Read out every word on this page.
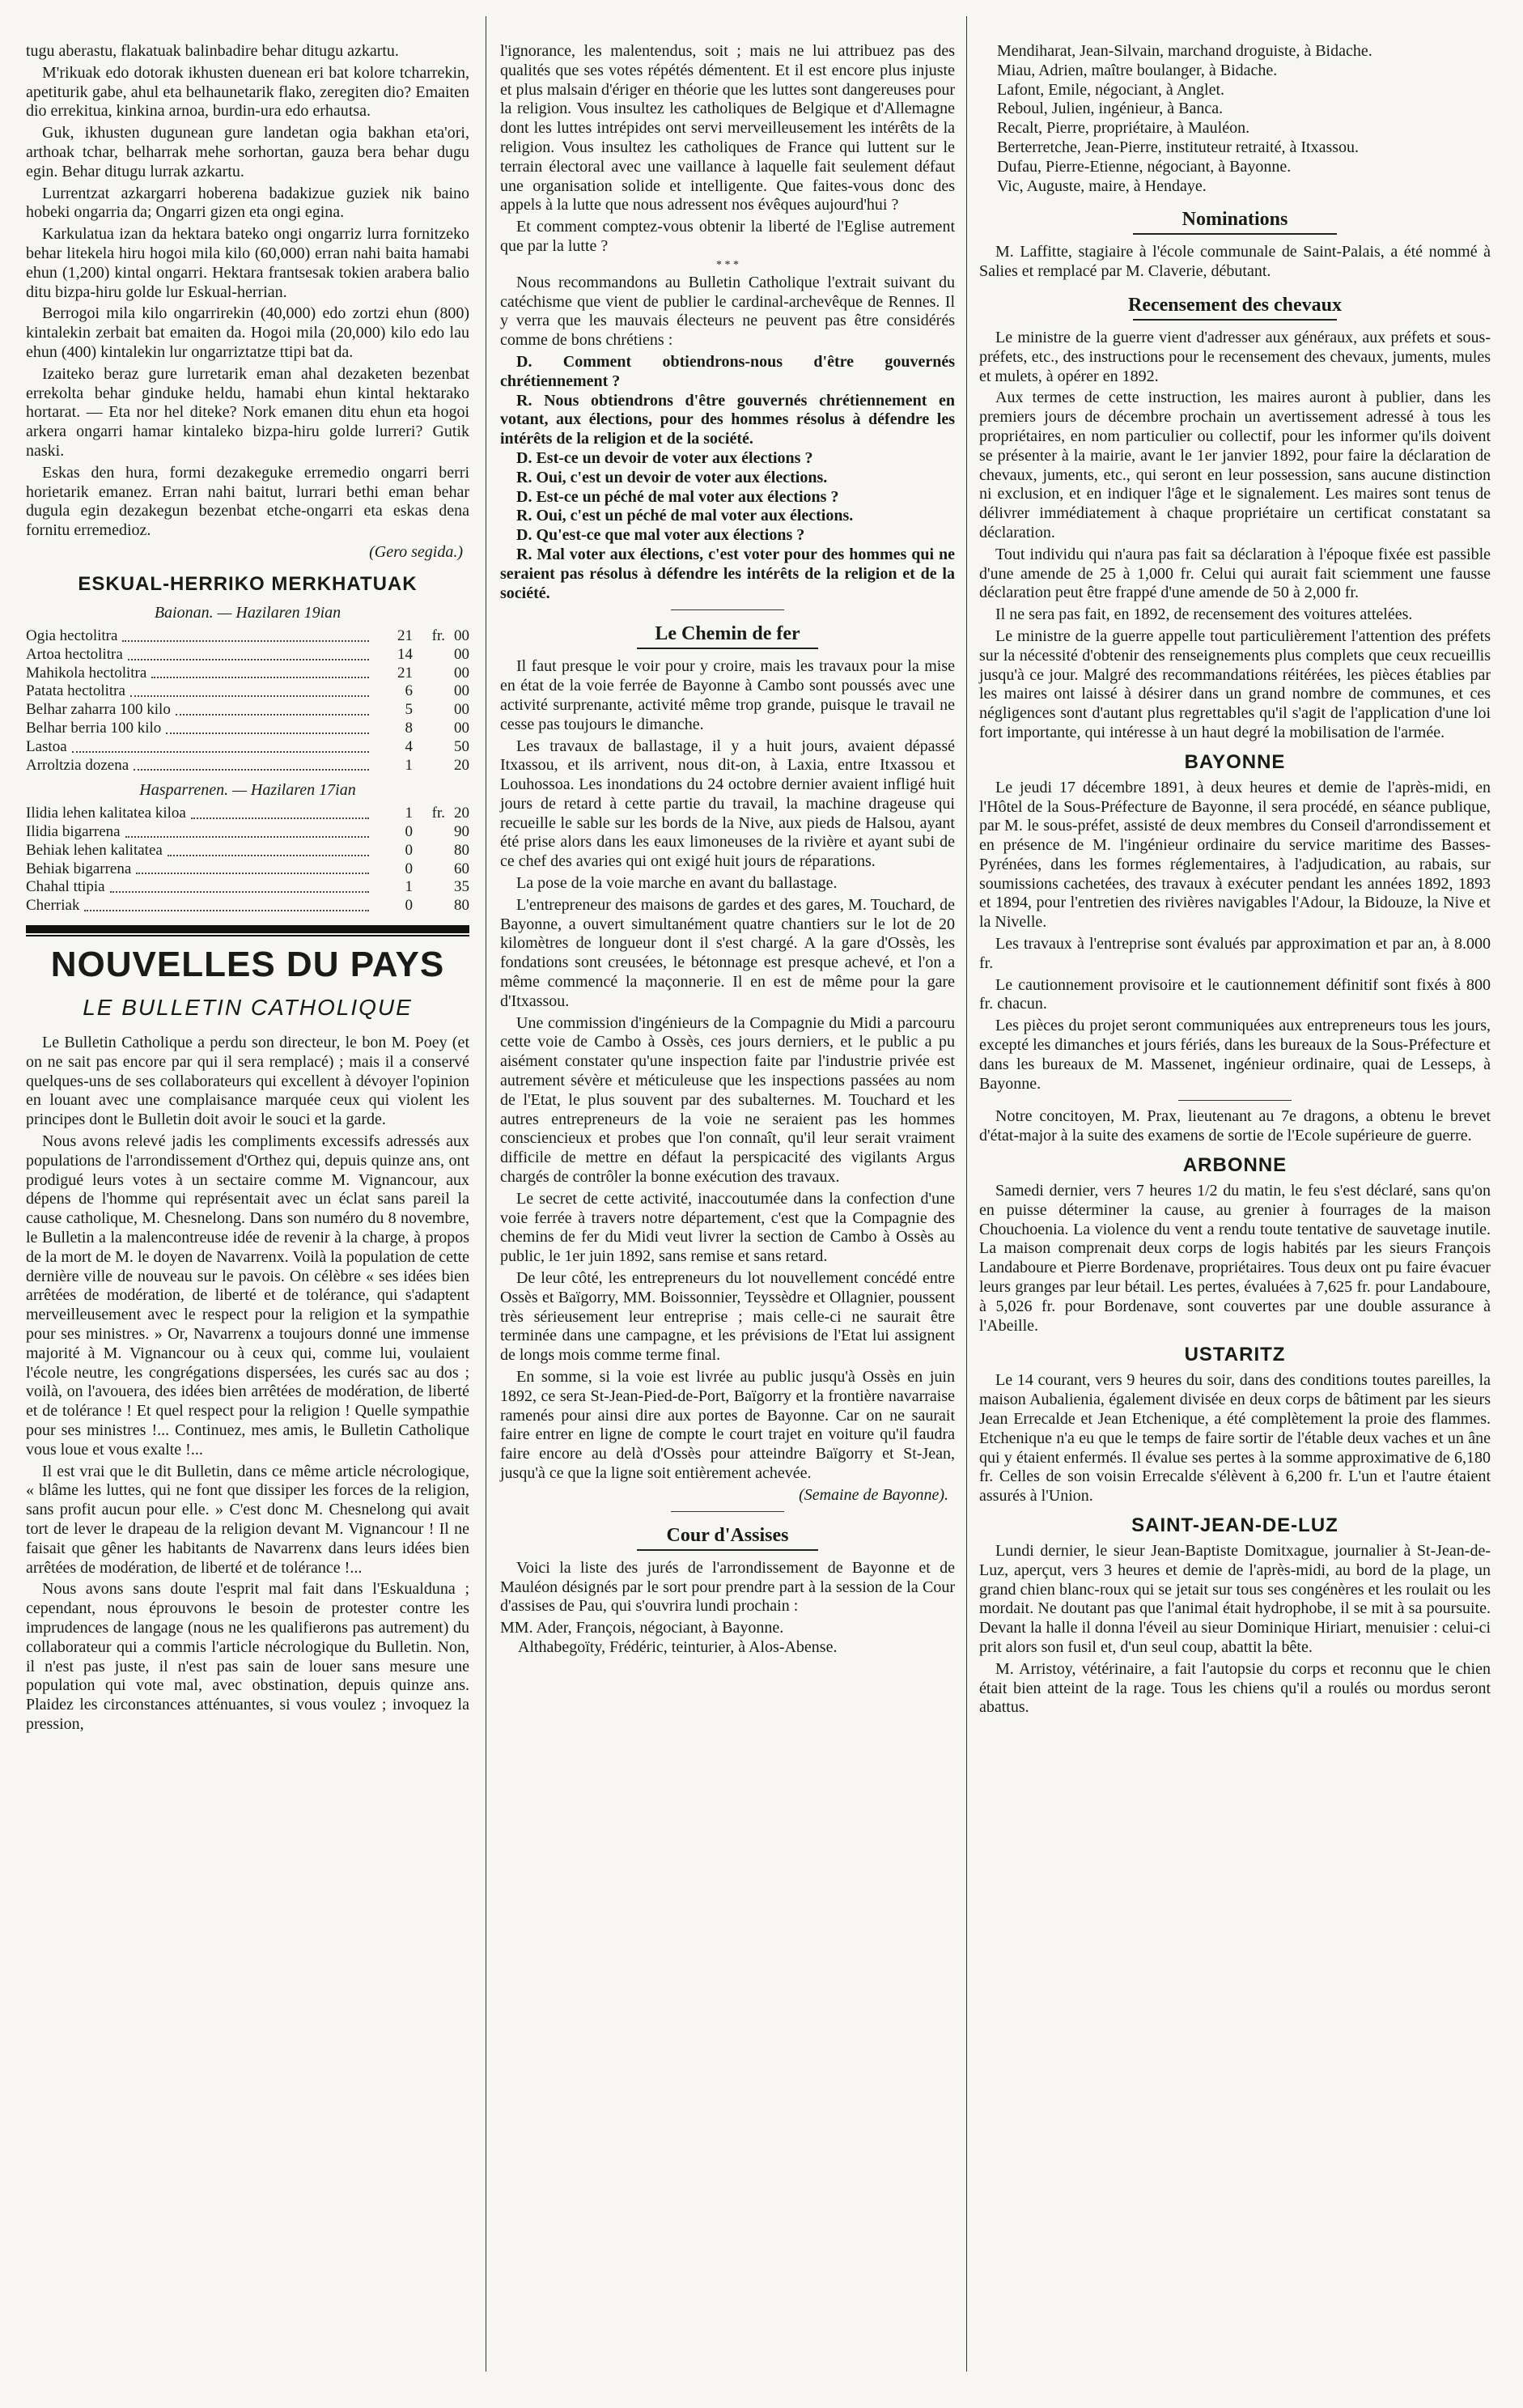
tugu aberastu, flakatuak balinbadire behar ditugu azkartu.

M'rikuak edo dotorak ikhusten duenean eri bat kolore tcharrekin, apetiturik gabe, ahul eta belhaunetarik flako, zeregiten dio? Emaiten dio errekitua, kinkina arnoa, burdin-ura edo erhautsa.

Guk, ikhusten dugunean gure landetan ogia bakhan eta'ori, arthoak tchar, belharrak mehe sorhortan, gauza bera behar dugu egin. Behar ditugu lurrak azkartu.

Lurrentzat azkargarri hoberena badakizue guziek nik baino hobeki ongarria da; Ongarri gizen eta ongi egina.

Karkulatua izan da hektara bateko ongi ongarriz lurra fornitzeko behar litekela hiru hogoi mila kilo (60,000) erran nahi baita hamabi ehun (1,200) kintal ongarri. Hektara frantsesak tokien arabera balio ditu bizpa-hiru golde lur Eskual-herrian.

Berrogoi mila kilo ongarrirekin (40,000) edo zortzi ehun (800) kintalekin zerbait bat emaiten da. Hogoi mila (20,000) kilo edo lau ehun (400) kintalekin lur ongarriztatze ttipi bat da.

Izaiteko beraz gure lurretarik eman ahal dezaketen bezenbat errekolta behar ginduke heldu, hamabi ehun kintal hektarako hortarat. — Eta nor hel diteke? Nork emanen ditu ehun eta hogoi arkera ongarri hamar kintaleko bizpa-hiru golde lurreri? Gutik naski.

Eskas den hura, formi dezakeguke erremedio ongarri berri horietarik emanez. Erran nahi baitut, lurrari bethi eman behar dugula egin dezakegun bezenbat etche-ongarri eta eskas dena fornitu erremedioz.

(Gero segida.)
ESKUAL-HERRIKO MERKHATUAK
Baionan. — Hazilaren 19ian
Ogia hectolitra	21	fr. 00
Artoa hectolitra	14	00
Mahikola hectolitra	21	00
Patata hectolitra	6	00
Belhar zaharra 100 kilo	5	00
Belhar berria 100 kilo	8	00
Lastoa	4	50
Arroltzia dozena	1	20
Hasparrenen. — Hazilaren 17ian
Ilidia lehen kalitatea kiloa	1	fr. 20
Ilidia bigarrena	0	90
Behiak lehen kalitatea	0	80
Behiak bigarrena	0	60
Chahal ttipia	1	35
Cherriak	0	80
NOUVELLES DU PAYS
LE BULLETIN CATHOLIQUE

Le Bulletin Catholique a perdu son directeur, le bon M. Poey (et on ne sait pas encore par qui il sera remplacé) ; mais il a conservé quelques-uns de ses collaborateurs qui excellent à dévoyer l'opinion en louant avec une complaisance marquée ceux qui violent les principes dont le Bulletin doit avoir le souci et la garde.

Nous avons relevé jadis les compliments excessifs adressés aux populations de l'arrondissement d'Orthez qui, depuis quinze ans, ont prodigué leurs votes à un sectaire comme M. Vignancour, aux dépens de l'homme qui représentait avec un éclat sans pareil la cause catholique, M. Chesnelong. Dans son numéro du 8 novembre, le Bulletin a la malencontreuse idée de revenir à la charge, à propos de la mort de M. le doyen de Navarrenx. Voilà la population de cette dernière ville de nouveau sur le pavois. On célèbre « ses idées bien arrêtées de modération, de liberté et de tolérance, qui s'adaptent merveilleusement avec le respect pour la religion et la sympathie pour ses ministres. » Or, Navarrenx a toujours donné une immense majorité à M. Vignancour ou à ceux qui, comme lui, voulaient l'école neutre, les congrégations dispersées, les curés sac au dos ; voilà, on l'avouera, des idées bien arrêtées de modération, de liberté et de tolérance ! Et quel respect pour la religion ! Quelle sympathie pour ses ministres !... Continuez, mes amis, le Bulletin Catholique vous loue et vous exalte !...

Il est vrai que le dit Bulletin, dans ce même article nécrologique, « blâme les luttes, qui ne font que dissiper les forces de la religion, sans profit aucun pour elle. » C'est donc M. Chesnelong qui avait tort de lever le drapeau de la religion devant M. Vignancour ! Il ne faisait que gêner les habitants de Navarrenx dans leurs idées bien arrêtées de modération, de liberté et de tolérance !...

Nous avons sans doute l'esprit mal fait dans l'Eskualduna ; cependant, nous éprouvons le besoin de protester contre les imprudences de langage (nous ne les qualifierons pas autrement) du collaborateur qui a commis l'article nécrologique du Bulletin. Non, il n'est pas juste, il n'est pas sain de louer sans mesure une population qui vote mal, avec obstination, depuis quinze ans. Plaidez les circonstances atténuantes, si vous voulez ; invoquez la pression,

l'ignorance, les malentendus, soit ; mais ne lui attribuez pas des qualités que ses votes répétés démentent. Et il est encore plus injuste et plus malsain d'ériger en théorie que les luttes sont dangereuses pour la religion. Vous insultez les catholiques de Belgique et d'Allemagne dont les luttes intrépides ont servi merveilleusement les intérêts de la religion. Vous insultez les catholiques de France qui luttent sur le terrain électoral avec une vaillance à laquelle fait seulement défaut une organisation solide et intelligente. Que faites-vous donc des appels à la lutte que nous adressent nos évêques aujourd'hui ?

Et comment comptez-vous obtenir la liberté de l'Eglise autrement que par la lutte ?

* * *

Nous recommandons au Bulletin Catholique l'extrait suivant du catéchisme que vient de publier le cardinal-archevêque de Rennes. Il y verra que les mauvais électeurs ne peuvent pas être considérés comme de bons chrétiens :

D. Comment obtiendrons-nous d'être gouvernés chrétiennement ?

R. Nous obtiendrons d'être gouvernés chrétiennement en votant, aux élections, pour des hommes résolus à défendre les intérêts de la religion et de la société.

D. Est-ce un devoir de voter aux élections ?

R. Oui, c'est un devoir de voter aux élections.

D. Est-ce un péché de mal voter aux élections ?

R. Oui, c'est un péché de mal voter aux élections.

D. Qu'est-ce que mal voter aux élections ?

R. Mal voter aux élections, c'est voter pour des hommes qui ne seraient pas résolus à défendre les intérêts de la religion et de la société.

Le Chemin de fer

Il faut presque le voir pour y croire, mais les travaux pour la mise en état de la voie ferrée de Bayonne à Cambo sont poussés avec une activité surprenante, activité même trop grande, puisque le travail ne cesse pas toujours le dimanche.

Les travaux de ballastage, il y a huit jours, avaient dépassé Itxassou, et ils arrivent, nous dit-on, à Laxia, entre Itxassou et Louhossoa. Les inondations du 24 octobre dernier avaient infligé huit jours de retard à cette partie du travail, la machine drageuse qui recueille le sable sur les bords de la Nive, aux pieds de Halsou, ayant été prise alors dans les eaux limoneuses de la rivière et ayant subi de ce chef des avaries qui ont exigé huit jours de réparations.

La pose de la voie marche en avant du ballastage.

L'entrepreneur des maisons de gardes et des gares, M. Touchard, de Bayonne, a ouvert simultanément quatre chantiers sur le lot de 20 kilomètres de longueur dont il s'est chargé. A la gare d'Ossès, les fondations sont creusées, le bétonnage est presque achevé, et l'on a même commencé la maçonnerie. Il en est de même pour la gare d'Itxassou.

Une commission d'ingénieurs de la Compagnie du Midi a parcouru cette voie de Cambo à Ossès, ces jours derniers, et le public a pu aisément constater qu'une inspection faite par l'industrie privée est autrement sévère et méticuleuse que les inspections passées au nom de l'Etat, le plus souvent par des subalternes. M. Touchard et les autres entrepreneurs de la voie ne seraient pas les hommes consciencieux et probes que l'on connaît, qu'il leur serait vraiment difficile de mettre en défaut la perspicacité des vigilants Argus chargés de contrôler la bonne exécution des travaux.

Le secret de cette activité, inaccoutumée dans la confection d'une voie ferrée à travers notre département, c'est que la Compagnie des chemins de fer du Midi veut livrer la section de Cambo à Ossès au public, le 1er juin 1892, sans remise et sans retard.

De leur côté, les entrepreneurs du lot nouvellement concédé entre Ossès et Baïgorry, MM. Boissonnier, Teyssèdre et Ollagnier, poussent très sérieusement leur entreprise ; mais celle-ci ne saurait être terminée dans une campagne, et les prévisions de l'Etat lui assignent de longs mois comme terme final.

En somme, si la voie est livrée au public jusqu'à Ossès en juin 1892, ce sera St-Jean-Pied-de-Port, Baïgorry et la frontière navarraise ramenés pour ainsi dire aux portes de Bayonne. Car on ne saurait faire entrer en ligne de compte le court trajet en voiture qu'il faudra faire encore au delà d'Ossès pour atteindre Baïgorry et St-Jean, jusqu'à ce que la ligne soit entièrement achevée.

(Semaine de Bayonne).
Cour d'Assises

Voici la liste des jurés de l'arrondissement de Bayonne et de Mauléon désignés par le sort pour prendre part à la session de la Cour d'assises de Pau, qui s'ouvrira lundi prochain :

MM. Ader, François, négociant, à Bayonne.

Althabegoïty, Frédéric, teinturier, à Alos-Abense.

Mendiharat, Jean-Silvain, marchand droguiste, à Bidache.

Miau, Adrien, maître boulanger, à Bidache.

Lafont, Emile, négociant, à Anglet.

Reboul, Julien, ingénieur, à Banca.

Recalt, Pierre, propriétaire, à Mauléon.

Berterretche, Jean-Pierre, instituteur retraité, à Itxassou.

Dufau, Pierre-Etienne, négociant, à Bayonne.

Vic, Auguste, maire, à Hendaye.

Nominations

M. Laffitte, stagiaire à l'école communale de Saint-Palais, a été nommé à Salies et remplacé par M. Claverie, débutant.

Recensement des chevaux

Le ministre de la guerre vient d'adresser aux généraux, aux préfets et sous-préfets, etc., des instructions pour le recensement des chevaux, juments, mules et mulets, à opérer en 1892.

Aux termes de cette instruction, les maires auront à publier, dans les premiers jours de décembre prochain un avertissement adressé à tous les propriétaires, en nom particulier ou collectif, pour les informer qu'ils doivent se présenter à la mairie, avant le 1er janvier 1892, pour faire la déclaration de chevaux, juments, etc., qui seront en leur possession, sans aucune distinction ni exclusion, et en indiquer l'âge et le signalement. Les maires sont tenus de délivrer immédiatement à chaque propriétaire un certificat constatant sa déclaration.

Tout individu qui n'aura pas fait sa déclaration à l'époque fixée est passible d'une amende de 25 à 1,000 fr. Celui qui aurait fait sciemment une fausse déclaration peut être frappé d'une amende de 50 à 2,000 fr.

Il ne sera pas fait, en 1892, de recensement des voitures attelées.

Le ministre de la guerre appelle tout particulièrement l'attention des préfets sur la nécessité d'obtenir des renseignements plus complets que ceux recueillis jusqu'à ce jour. Malgré des recommandations réitérées, les pièces établies par les maires ont laissé à désirer dans un grand nombre de communes, et ces négligences sont d'autant plus regrettables qu'il s'agit de l'application d'une loi fort importante, qui intéresse à un haut degré la mobilisation de l'armée.

BAYONNE

Le jeudi 17 décembre 1891, à deux heures et demie de l'après-midi, en l'Hôtel de la Sous-Préfecture de Bayonne, il sera procédé, en séance publique, par M. le sous-préfet, assisté de deux membres du Conseil d'arrondissement et en présence de M. l'ingénieur ordinaire du service maritime des Basses-Pyrénées, dans les formes réglementaires, à l'adjudication, au rabais, sur soumissions cachetées, des travaux à exécuter pendant les années 1892, 1893 et 1894, pour l'entretien des rivières navigables l'Adour, la Bidouze, la Nive et la Nivelle.

Les travaux à l'entreprise sont évalués par approximation et par an, à 8.000 fr.

Le cautionnement provisoire et le cautionnement définitif sont fixés à 800 fr. chacun.

Les pièces du projet seront communiquées aux entrepreneurs tous les jours, excepté les dimanches et jours fériés, dans les bureaux de la Sous-Préfecture et dans les bureaux de M. Massenet, ingénieur ordinaire, quai de Lesseps, à Bayonne.

Notre concitoyen, M. Prax, lieutenant au 7e dragons, a obtenu le brevet d'état-major à la suite des examens de sortie de l'Ecole supérieure de guerre.

ARBONNE

Samedi dernier, vers 7 heures 1/2 du matin, le feu s'est déclaré, sans qu'on en puisse déterminer la cause, au grenier à fourrages de la maison Chouchoenia. La violence du vent a rendu toute tentative de sauvetage inutile. La maison comprenait deux corps de logis habités par les sieurs François Landaboure et Pierre Bordenave, propriétaires. Tous deux ont pu faire évacuer leurs granges par leur bétail. Les pertes, évaluées à 7,625 fr. pour Landaboure, à 5,026 fr. pour Bordenave, sont couvertes par une double assurance à l'Abeille.

USTARITZ

Le 14 courant, vers 9 heures du soir, dans des conditions toutes pareilles, la maison Aubalienia, également divisée en deux corps de bâtiment par les sieurs Jean Errecalde et Jean Etchenique, a été complètement la proie des flammes. Etchenique n'a eu que le temps de faire sortir de l'étable deux vaches et un âne qui y étaient enfermés. Il évalue ses pertes à la somme approximative de 6,180 fr. Celles de son voisin Errecalde s'élèvent à 6,200 fr. L'un et l'autre étaient assurés à l'Union.

SAINT-JEAN-DE-LUZ

Lundi dernier, le sieur Jean-Baptiste Domitxague, journalier à St-Jean-de-Luz, aperçut, vers 3 heures et demie de l'après-midi, au bord de la plage, un grand chien blanc-roux qui se jetait sur tous ses congénères et les roulait ou les mordait. Ne doutant pas que l'animal était hydrophobe, il se mit à sa poursuite. Devant la halle il donna l'éveil au sieur Dominique Hiriart, menuisier : celui-ci prit alors son fusil et, d'un seul coup, abattit la bête.

M. Arristoy, vétérinaire, a fait l'autopsie du corps et reconnu que le chien était bien atteint de la rage. Tous les chiens qu'il a roulés ou mordus seront abattus.
